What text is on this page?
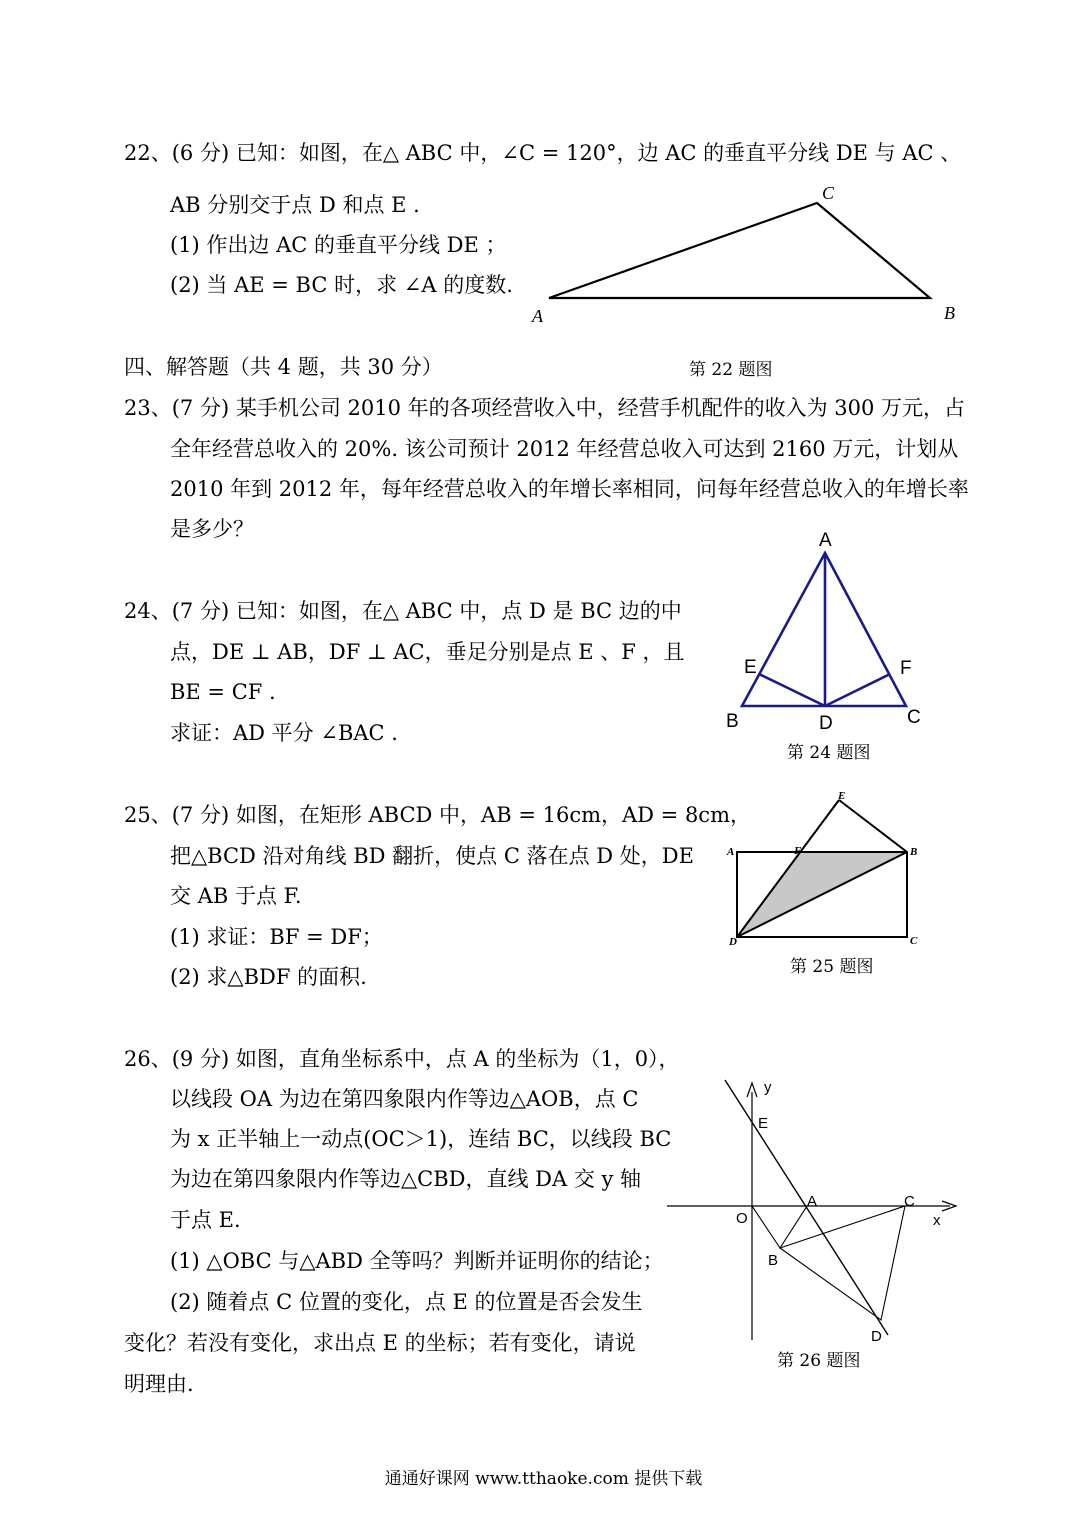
22、(6 分) 已知：如图，在△ ABC 中，∠C = 120°，边 AC 的垂直平分线 DE 与 AC 、
AB 分别交于点 D 和点 E .
(1) 作出边 AC 的垂直平分线 DE ；
(2) 当 AE = BC 时，求 ∠A 的度数.
C
A	B
第 22 题图
四、解答题（共 4 题，共 30 分）
23、(7 分) 某手机公司 2010 年的各项经营收入中，经营手机配件的收入为 300 万元，占
全年经营总收入的 20%. 该公司预计 2012 年经营总收入可达到 2160 万元，计划从
2010 年到 2012 年，每年经营总收入的年增长率相同，问每年经营总收入的年增长率
是多少？
24、(7 分) 已知：如图，在△ ABC 中，点 D 是 BC 边的中
点，DE ⊥ AB，DF ⊥ AC，垂足分别是点 E 、F ，且
BE = CF .
求证：AD 平分 ∠BAC .
A
E	F
B	D	C
第 24 题图
25、(7 分) 如图，在矩形 ABCD 中，AB = 16cm，AD = 8cm，
把△BCD 沿对角线 BD 翻折，使点 C 落在点 D 处，DE
交 AB 于点 F.
(1) 求证：BF = DF；
(2) 求△BDF 的面积.
E
A	F	B
D	C
第 25 题图
26、(9 分) 如图，直角坐标系中，点 A 的坐标为（1，0），
以线段 OA 为边在第四象限内作等边△AOB，点 C
为 x 正半轴上一动点(OC＞1)，连结 BC，以线段 BC
为边在第四象限内作等边△CBD，直线 DA 交 y 轴
于点 E.
(1) △OBC 与△ABD 全等吗？判断并证明你的结论；
(2) 随着点 C 位置的变化，点 E 的位置是否会发生
变化？若没有变化，求出点 E 的坐标；若有变化，请说
明理由.
y
E
O
A	C
x
B
D
第 26 题图
通通好课网 www.tthaoke.com 提供下载
